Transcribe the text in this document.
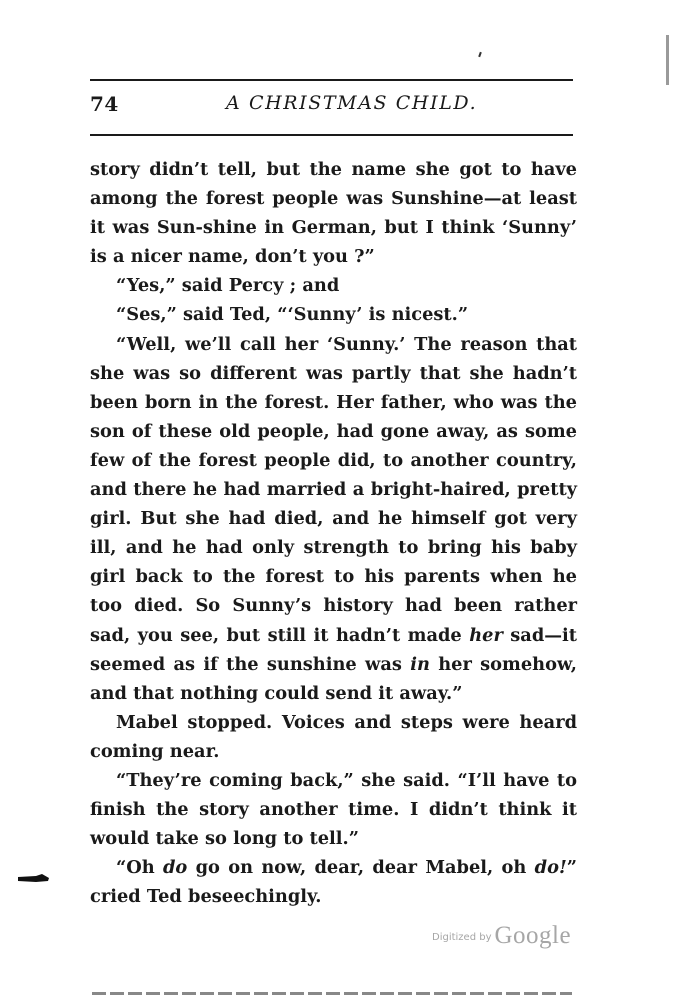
74	A CHRISTMAS CHILD.

story didn’t tell, but the name she got to have among the forest people was Sunshine—at least it was Sun-shine in German, but I think ‘Sunny’ is a nicer name, don’t you ?”

“Yes,” said Percy ; and

“Ses,” said Ted, “‘Sunny’ is nicest.”

“Well, we’ll call her ‘Sunny.’ The reason that she was so different was partly that she hadn’t been born in the forest. Her father, who was the son of these old people, had gone away, as some few of the forest people did, to another country, and there he had married a bright-haired, pretty girl. But she had died, and he himself got very ill, and he had only strength to bring his baby girl back to the forest to his parents when he too died. So Sunny’s history had been rather sad, you see, but still it hadn’t made her sad—it seemed as if the sunshine was in her somehow, and that nothing could send it away.”

Mabel stopped. Voices and steps were heard coming near.

“They’re coming back,” she said. “I’ll have to finish the story another time. I didn’t think it would take so long to tell.”

“Oh do go on now, dear, dear Mabel, oh do!” cried Ted beseechingly.

Digitized by Google
